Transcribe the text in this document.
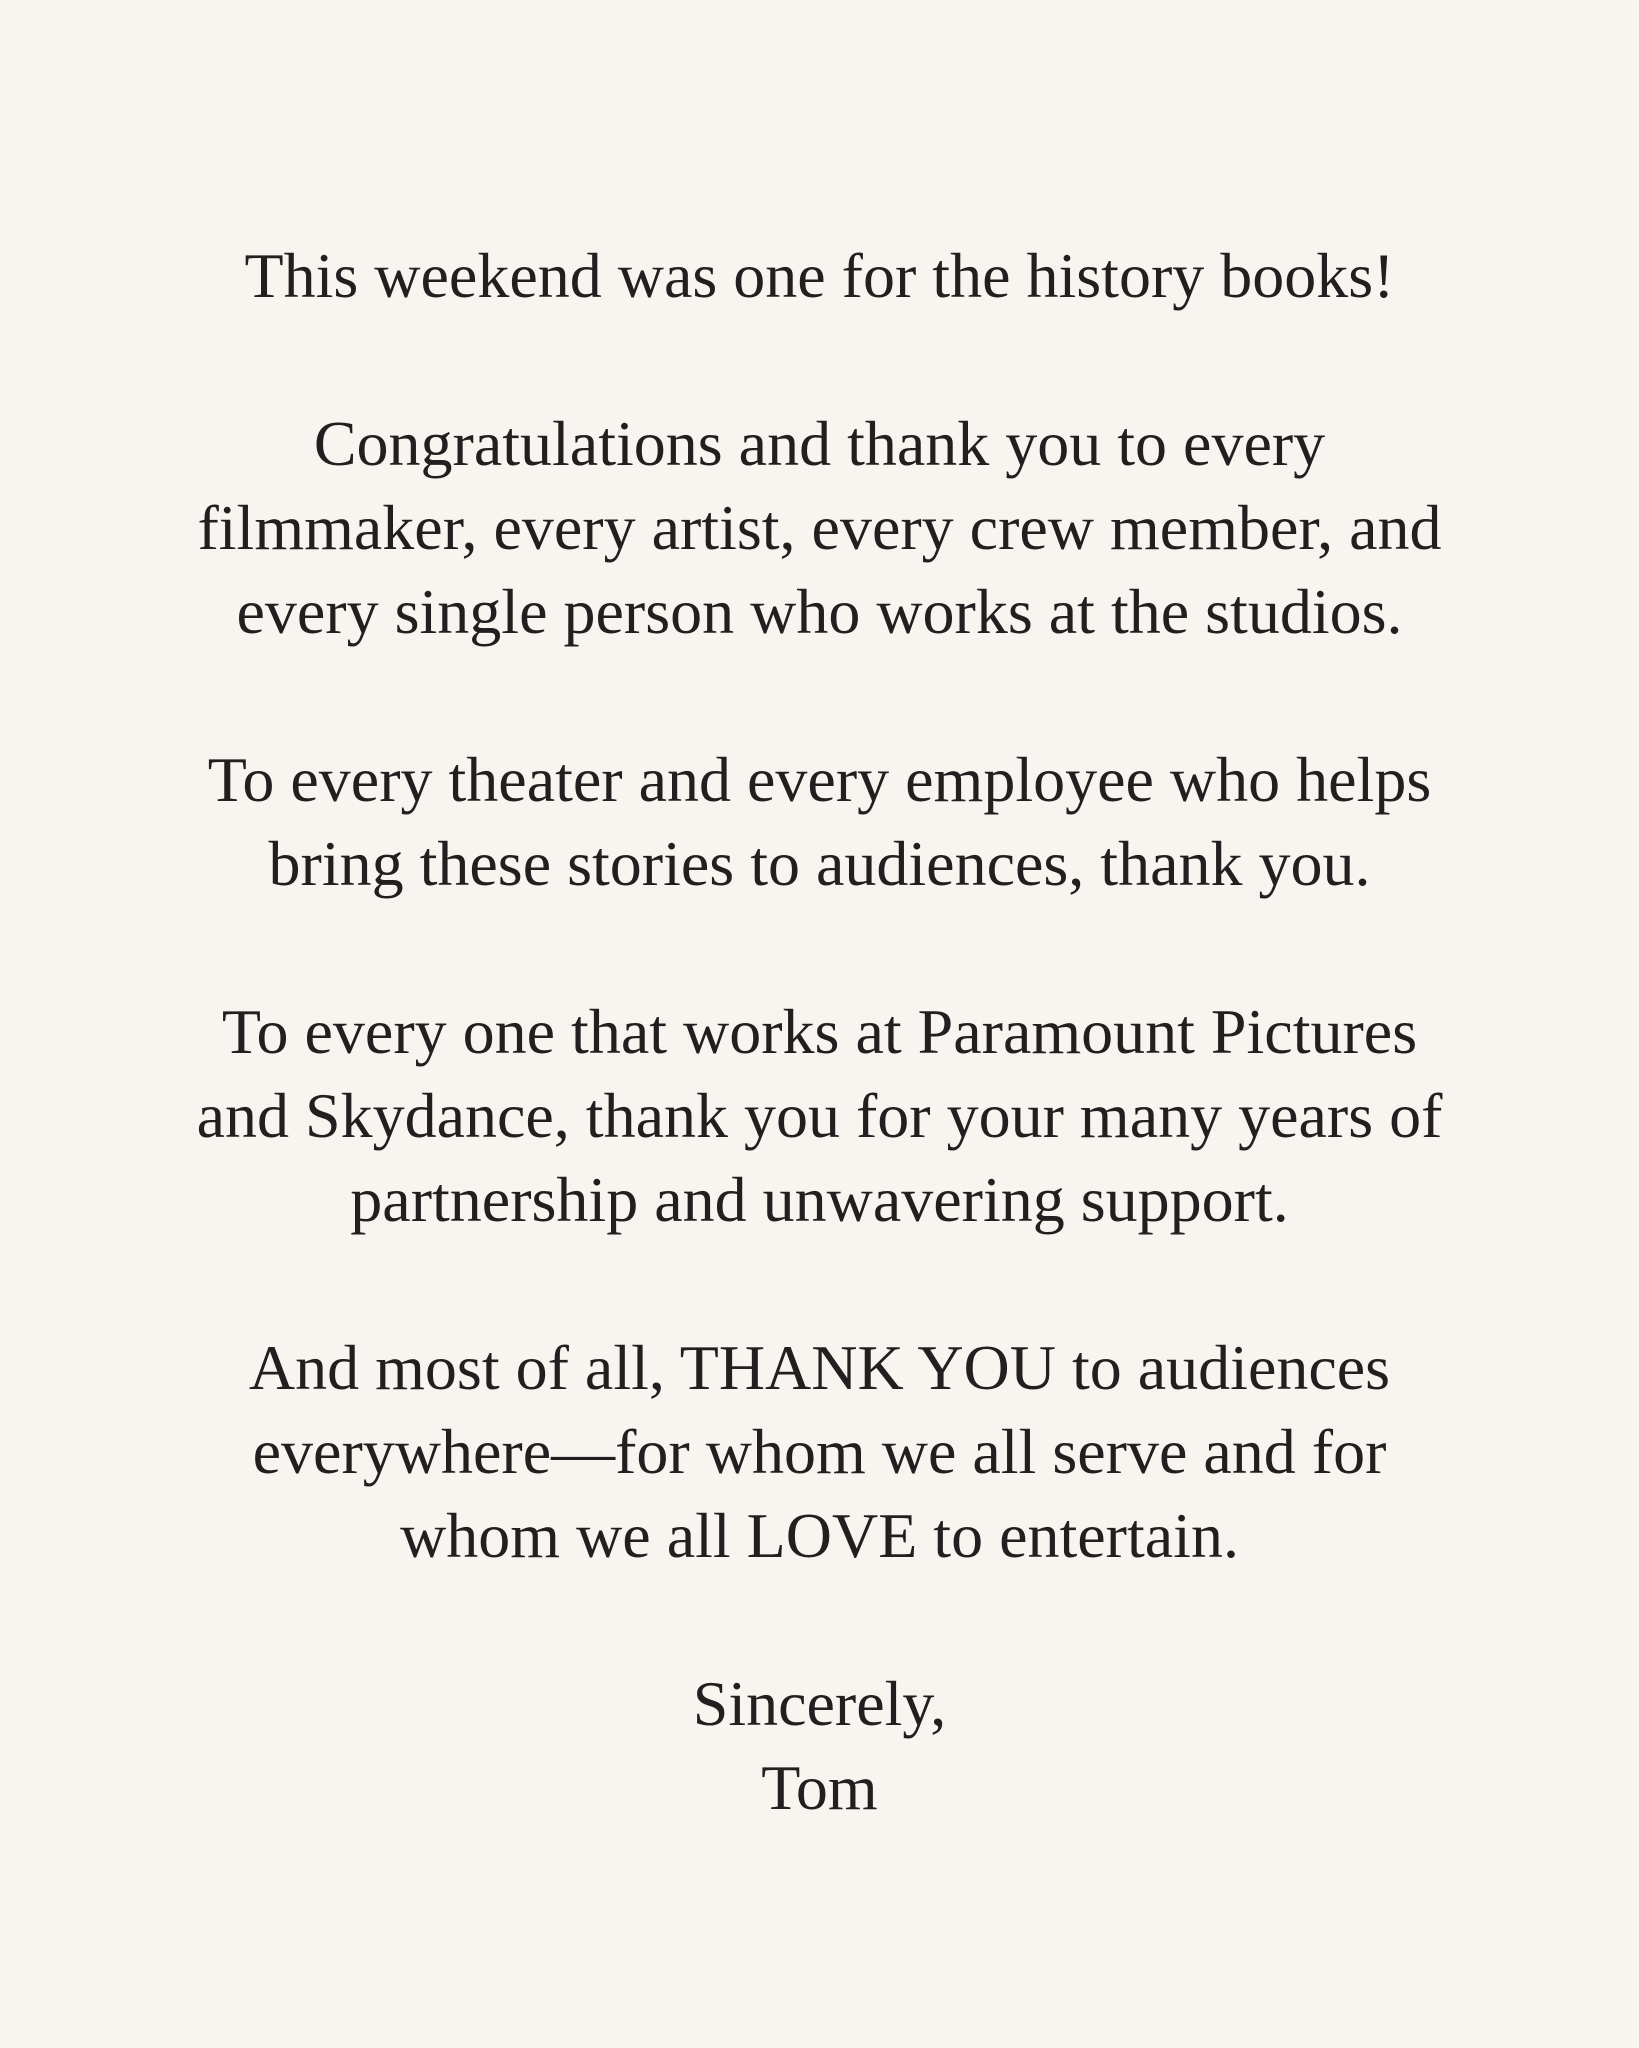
This weekend was one for the history books!

Congratulations and thank you to every
filmmaker, every artist, every crew member, and
every single person who works at the studios.

To every theater and every employee who helps
bring these stories to audiences, thank you.

To every one that works at Paramount Pictures
and Skydance, thank you for your many years of
partnership and unwavering support.

And most of all, THANK YOU to audiences
everywhere—for whom we all serve and for
whom we all LOVE to entertain.

Sincerely,
Tom
